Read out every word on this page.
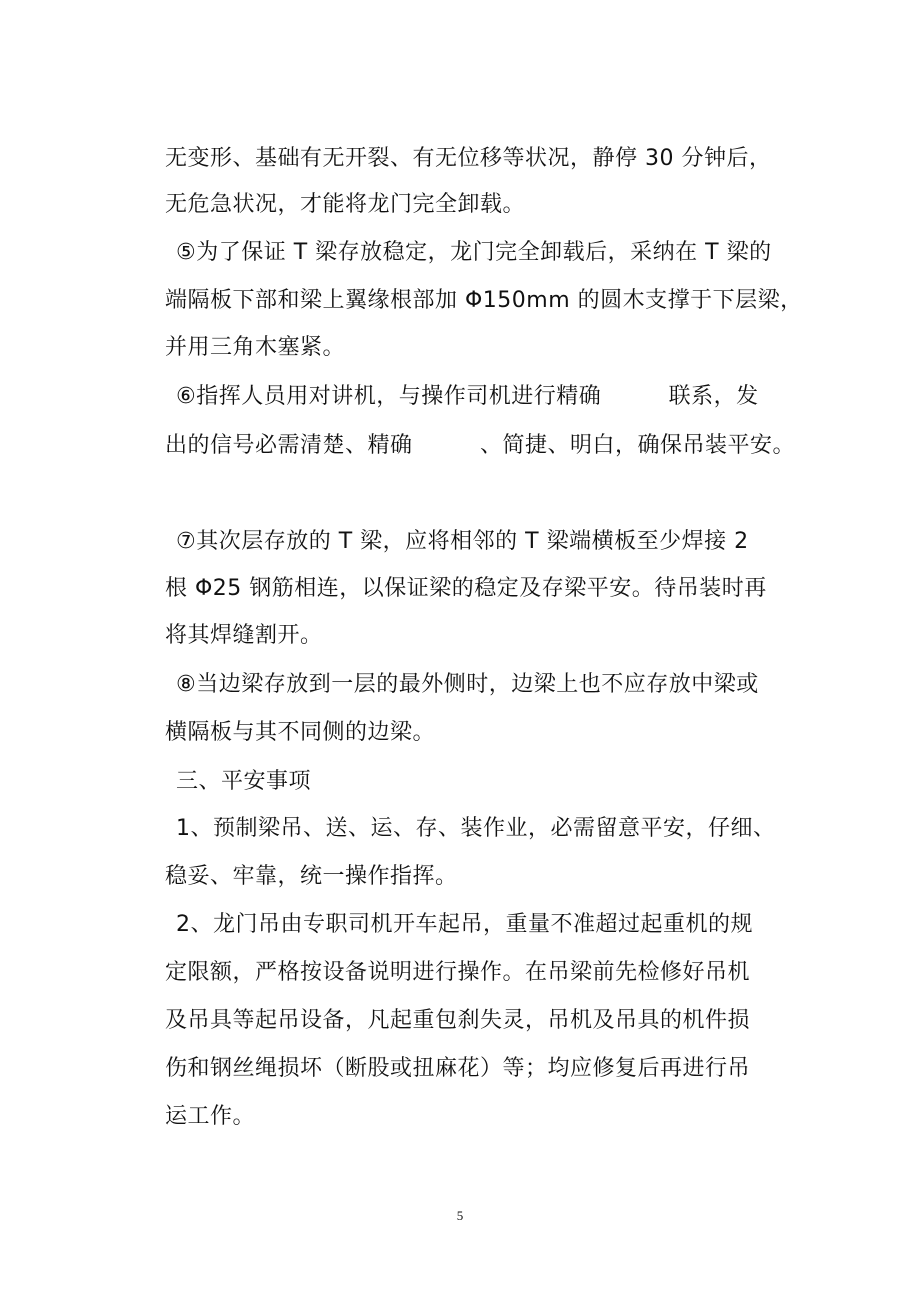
无变形、基础有无开裂、有无位移等状况，静停 30 分钟后，
无危急状况，才能将龙门完全卸载。
⑤为了保证 T 梁存放稳定，龙门完全卸载后，采纳在 T 梁的
端隔板下部和梁上翼缘根部加 Φ150mm 的圆木支撑于下层梁，
并用三角木塞紧。
⑥指挥人员用对讲机，与操作司机进行精确         联系，发
出的信号必需清楚、精确         、简捷、明白，确保吊装平安。
⑦其次层存放的 T 梁，应将相邻的 T 梁端横板至少焊接 2
根 Φ25 钢筋相连，以保证梁的稳定及存梁平安。待吊装时再
将其焊缝割开。
⑧当边梁存放到一层的最外侧时，边梁上也不应存放中梁或
横隔板与其不同侧的边梁。
三、平安事项
1、预制梁吊、送、运、存、装作业，必需留意平安，仔细、
稳妥、牢靠，统一操作指挥。
2、龙门吊由专职司机开车起吊，重量不准超过起重机的规
定限额，严格按设备说明进行操作。在吊梁前先检修好吊机
及吊具等起吊设备，凡起重包刹失灵，吊机及吊具的机件损
伤和钢丝绳损坏（断股或扭麻花）等；均应修复后再进行吊
运工作。
5
